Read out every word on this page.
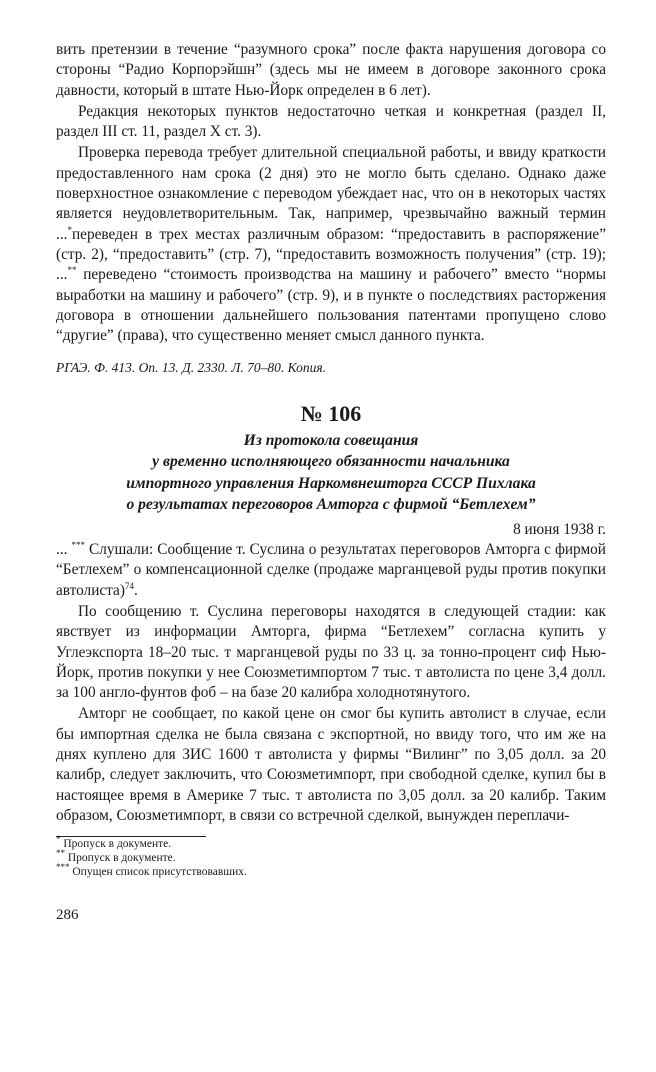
вить претензии в течение “разумного срока” после факта нарушения договора со стороны “Радио Корпорэйшн” (здесь мы не имеем в договоре законного срока давности, который в штате Нью-Йорк определен в 6 лет).

Редакция некоторых пунктов недостаточно четкая и конкретная (раздел II, раздел III ст. 11, раздел X ст. 3).

Проверка перевода требует длительной специальной работы, и ввиду краткости предоставленного нам срока (2 дня) это не могло быть сделано. Однако даже поверхностное ознакомление с переводом убеждает нас, что он в некоторых частях является неудовлетворительным. Так, например, чрезвычайно важный термин ...*переведен в трех местах различным образом: “предоставить в распоряжение” (стр. 2), “предоставить” (стр. 7), “предоставить возможность получения” (стр. 19); ...** переведено “стоимость производства на машину и рабочего” вместо “нормы выработки на машину и рабочего” (стр. 9), и в пункте о последствиях расторжения договора в отношении дальнейшего пользования патентами пропущено слово “другие” (права), что существенно меняет смысл данного пункта.

РГАЭ. Ф. 413. Оп. 13. Д. 2330. Л. 70–80. Копия.

№ 106
Из протокола совещания
у временно исполняющего обязанности начальника
импортного управления Наркомвнешторга СССР Пихлака
о результатах переговоров Амторга с фирмой “Бетлехем”

8 июня 1938 г.

... *** Слушали: Сообщение т. Суслина о результатах переговоров Амторга с фирмой “Бетлехем” о компенсационной сделке (продаже марганцевой руды против покупки автолиста)$^{74}$.

По сообщению т. Суслина переговоры находятся в следующей стадии: как явствует из информации Амторга, фирма “Бетлехем” согласна купить у Углеэкспорта 18–20 тыс. т марганцевой руды по 33 ц. за тонно-процент сиф Нью-Йорк, против покупки у нее Союзметимпортом 7 тыс. т автолиста по цене 3,4 долл. за 100 англо-фунтов фоб – на базе 20 калибра холоднотянутого.

Амторг не сообщает, по какой цене он смог бы купить автолист в случае, если бы импортная сделка не была связана с экспортной, но ввиду того, что им же на днях куплено для ЗИС 1600 т автолиста у фирмы “Вилинг” по 3,05 долл. за 20 калибр, следует заключить, что Союзметимпорт, при свободной сделке, купил бы в настоящее время в Америке 7 тыс. т автолиста по 3,05 долл. за 20 калибр. Таким образом, Союзметимпорт, в связи со встречной сделкой, вынужден переплачи-

* Пропуск в документе.

** Пропуск в документе.

*** Опущен список присутствовавших.

286
